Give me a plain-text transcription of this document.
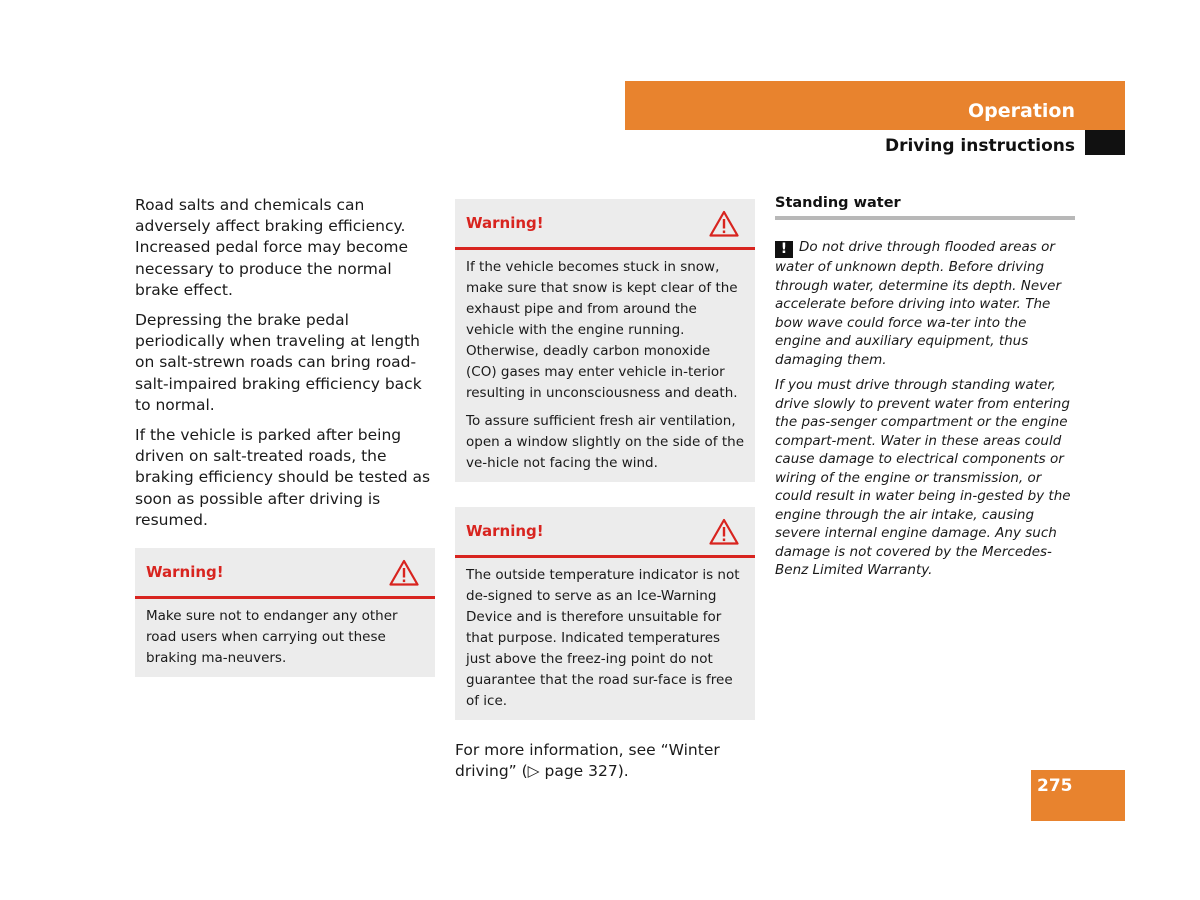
Operation
Driving instructions

Road salts and chemicals can adversely affect braking efficiency. Increased pedal force may become necessary to produce the normal brake effect.

Depressing the brake pedal periodically when traveling at length on salt-strewn roads can bring road-salt-impaired braking efficiency back to normal.

If the vehicle is parked after being driven on salt-treated roads, the braking efficiency should be tested as soon as possible after driving is resumed.

Warning!

Make sure not to endanger any other road users when carrying out these braking ma-neuvers.

Warning!

If the vehicle becomes stuck in snow, make sure that snow is kept clear of the exhaust pipe and from around the vehicle with the engine running. Otherwise, deadly carbon monoxide (CO) gases may enter vehicle in-terior resulting in unconsciousness and death.

To assure sufficient fresh air ventilation, open a window slightly on the side of the ve-hicle not facing the wind.

Warning!

The outside temperature indicator is not de-signed to serve as an Ice-Warning Device and is therefore unsuitable for that purpose. Indicated temperatures just above the freez-ing point do not guarantee that the road sur-face is free of ice.

For more information, see “Winter driving” (▷ page 327).

Standing water

! Do not drive through flooded areas or water of unknown depth. Before driving through water, determine its depth. Never accelerate before driving into water. The bow wave could force wa-ter into the engine and auxiliary equipment, thus damaging them.

If you must drive through standing water, drive slowly to prevent water from entering the pas-senger compartment or the engine compart-ment. Water in these areas could cause damage to electrical components or wiring of the engine or transmission, or could result in water being in-gested by the engine through the air intake, causing severe internal engine damage. Any such damage is not covered by the Mercedes-Benz Limited Warranty.

275
